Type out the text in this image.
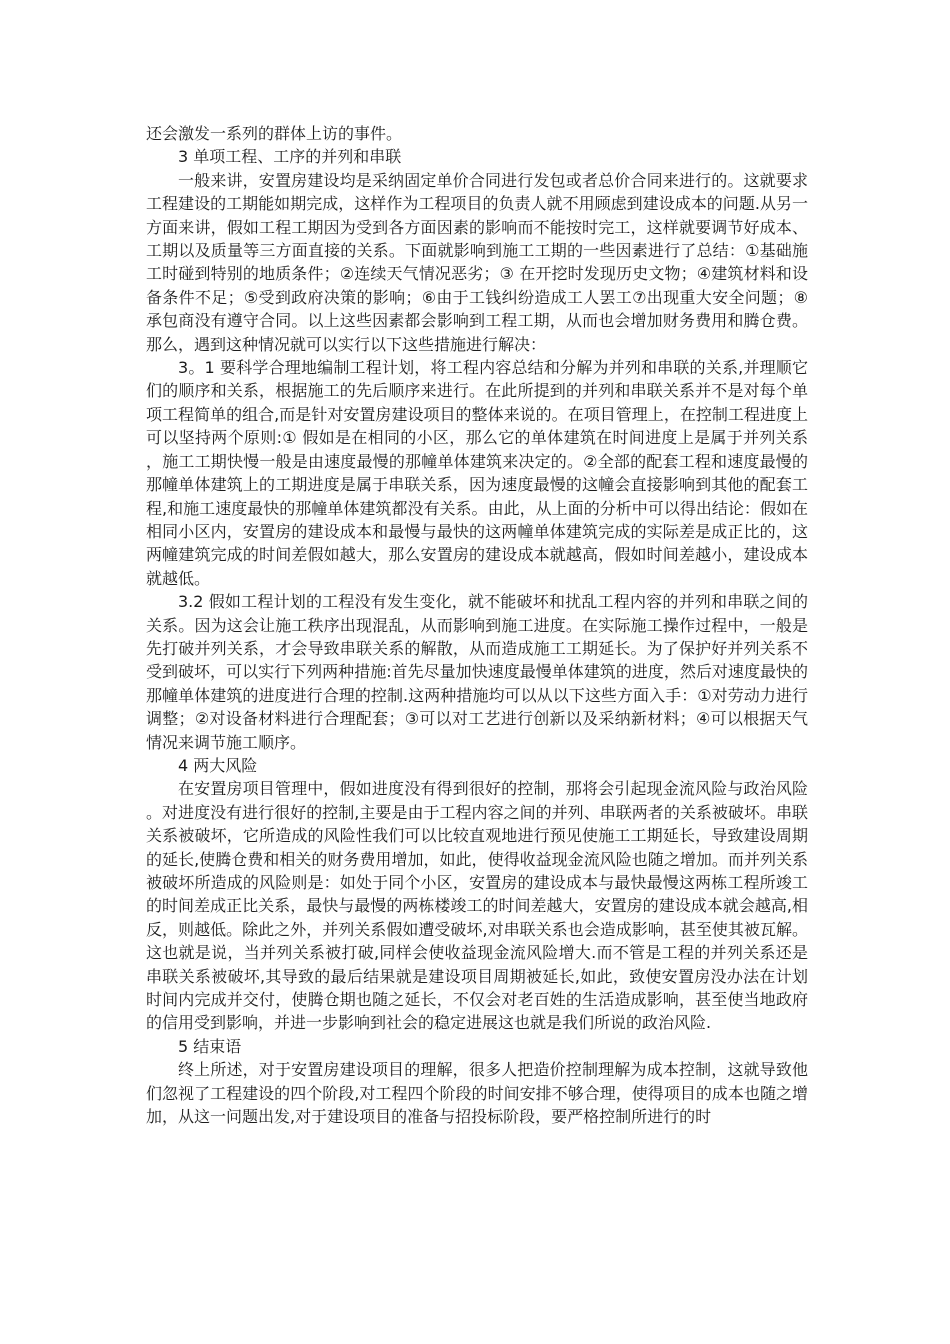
还会激发一系列的群体上访的事件。

3 单项工程、工序的并列和串联

一般来讲，安置房建设均是采纳固定单价合同进行发包或者总价合同来进行的。这就要求工程建设的工期能如期完成，这样作为工程项目的负责人就不用顾虑到建设成本的问题.从另一方面来讲，假如工程工期因为受到各方面因素的影响而不能按时完工，这样就要调节好成本、工期以及质量等三方面直接的关系。下面就影响到施工工期的一些因素进行了总结：①基础施工时碰到特别的地质条件；②连续天气情况恶劣；③ 在开挖时发现历史文物；④建筑材料和设备条件不足；⑤受到政府决策的影响；⑥由于工钱纠纷造成工人罢工⑦出现重大安全问题；⑧承包商没有遵守合同。以上这些因素都会影响到工程工期，从而也会增加财务费用和腾仓费。那么，遇到这种情况就可以实行以下这些措施进行解决：

3。1 要科学合理地编制工程计划，将工程内容总结和分解为并列和串联的关系,并理顺它们的顺序和关系，根据施工的先后顺序来进行。在此所提到的并列和串联关系并不是对每个单项工程简单的组合,而是针对安置房建设项目的整体来说的。在项目管理上，在控制工程进度上可以坚持两个原则:① 假如是在相同的小区，那么它的单体建筑在时间进度上是属于并列关系，施工工期快慢一般是由速度最慢的那幢单体建筑来决定的。②全部的配套工程和速度最慢的那幢单体建筑上的工期进度是属于串联关系，因为速度最慢的这幢会直接影响到其他的配套工程,和施工速度最快的那幢单体建筑都没有关系。由此，从上面的分析中可以得出结论：假如在相同小区内，安置房的建设成本和最慢与最快的这两幢单体建筑完成的实际差是成正比的，这两幢建筑完成的时间差假如越大，那么安置房的建设成本就越高，假如时间差越小，建设成本就越低。

3.2 假如工程计划的工程没有发生变化，就不能破坏和扰乱工程内容的并列和串联之间的关系。因为这会让施工秩序出现混乱，从而影响到施工进度。在实际施工操作过程中，一般是先打破并列关系，才会导致串联关系的解散，从而造成施工工期延长。为了保护好并列关系不受到破坏，可以实行下列两种措施:首先尽量加快速度最慢单体建筑的进度，然后对速度最快的那幢单体建筑的进度进行合理的控制.这两种措施均可以从以下这些方面入手：①对劳动力进行调整；②对设备材料进行合理配套；③可以对工艺进行创新以及采纳新材料；④可以根据天气情况来调节施工顺序。

4 两大风险

在安置房项目管理中，假如进度没有得到很好的控制，那将会引起现金流风险与政治风险。对进度没有进行很好的控制,主要是由于工程内容之间的并列、串联两者的关系被破坏。串联关系被破坏，它所造成的风险性我们可以比较直观地进行预见使施工工期延长，导致建设周期的延长,使腾仓费和相关的财务费用增加，如此，使得收益现金流风险也随之增加。而并列关系被破坏所造成的风险则是：如处于同个小区，安置房的建设成本与最快最慢这两栋工程所竣工的时间差成正比关系，最快与最慢的两栋楼竣工的时间差越大，安置房的建设成本就会越高,相反，则越低。除此之外，并列关系假如遭受破坏,对串联关系也会造成影响，甚至使其被瓦解。这也就是说，当并列关系被打破,同样会使收益现金流风险增大.而不管是工程的并列关系还是串联关系被破坏,其导致的最后结果就是建设项目周期被延长,如此，致使安置房没办法在计划时间内完成并交付，使腾仓期也随之延长，不仅会对老百姓的生活造成影响，甚至使当地政府的信用受到影响，并进一步影响到社会的稳定进展这也就是我们所说的政治风险.

5 结束语

终上所述，对于安置房建设项目的理解，很多人把造价控制理解为成本控制，这就导致他们忽视了工程建设的四个阶段,对工程四个阶段的时间安排不够合理，使得项目的成本也随之增加，从这一问题出发,对于建设项目的准备与招投标阶段，要严格控制所进行的时
